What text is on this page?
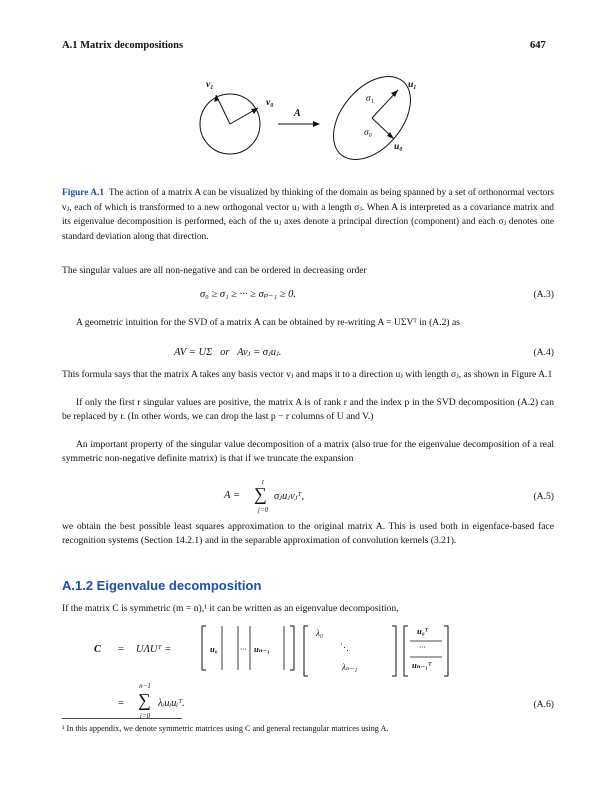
A.1 Matrix decompositions	647
v₁
v₀
A
u₁
σ₁
σ₀
u₀
Figure A.1 The action of a matrix A can be visualized by thinking of the domain as being spanned by a set of orthonormal vectors vⱼ, each of which is transformed to a new orthogonal vector uⱼ with a length σⱼ. When A is interpreted as a covariance matrix and its eigenvalue decomposition is performed, each of the uⱼ axes denote a principal direction (component) and each σⱼ denotes one standard deviation along that direction.
The singular values are all non-negative and can be ordered in decreasing order
σ₀ ≥ σ₁ ≥ ··· ≥ σₚ₋₁ ≥ 0.	(A.3)
A geometric intuition for the SVD of a matrix A can be obtained by re-writing A = UΣVᵀ in (A.2) as
AV = UΣ   or   Avⱼ = σⱼuⱼ.	(A.4)
This formula says that the matrix A takes any basis vector vⱼ and maps it to a direction uⱼ with length σⱼ, as shown in Figure A.1
If only the first r singular values are positive, the matrix A is of rank r and the index p in the SVD decomposition (A.2) can be replaced by r. (In other words, we can drop the last p − r columns of U and V.)
An important property of the singular value decomposition of a matrix (also true for the eigenvalue decomposition of a real symmetric non-negative definite matrix) is that if we truncate the expansion
A =
t
∑
j=0
σⱼuⱼvⱼᵀ,	(A.5)
we obtain the best possible least squares approximation to the original matrix A. This is used both in eigenface-based face recognition systems (Section 14.2.1) and in the separable approximation of convolution kernels (3.21).
A.1.2 Eigenvalue decomposition
If the matrix C is symmetric (m = n),¹ it can be written as an eigenvalue decomposition,
C = UΛUᵀ =	u₀	··· uₙ₋₁
λ₀
⋱
λₙ₋₁
u₀ᵀ
···
uₙ₋₁ᵀ
=
n−1
∑
i=0
λᵢuᵢuᵢᵀ.	(A.6)
¹ In this appendix, we denote symmetric matrices using C and general rectangular matrices using A.
